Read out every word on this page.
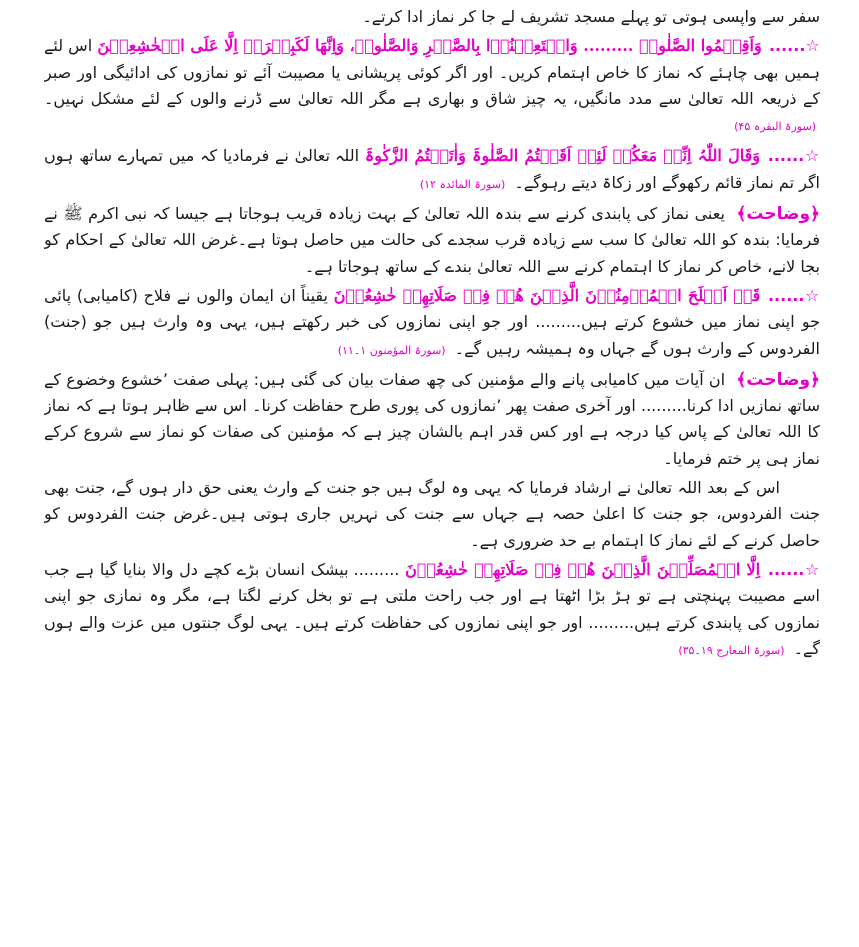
سفر سے واپسی ہوتی تو پہلے مسجد تشریف لے جا کر نماز ادا کرتے۔

☆...... وَاَقِیۡمُوا الصَّلٰوۃَ ......... وَاسۡتَعِیۡنُوۡا بِالصَّبۡرِ وَالصَّلٰوۃِ، وَاِنَّھَا لَکَبِیۡرَۃٌ اِلَّا عَلَی الۡخٰشِعِیۡنَ اس لئے ہمیں بھی چاہئے کہ نماز کا خاص اہتمام کریں۔ اور اگر کوئی پریشانی یا مصیبت آئے تو نمازوں کی ادائیگی اور صبر کے ذریعہ اللہ تعالیٰ سے مدد مانگیں، یہ چیز شاق و بھاری ہے مگر اللہ تعالیٰ سے ڈرنے والوں کے لئے مشکل نہیں۔ (سورۃ البقرہ ۴۵)

☆...... وَقَالَ اللّٰہُ اِنِّیۡ مَعَکُمۡ لَئِنۡ اَقَمۡتُمُ الصَّلٰوۃَ وَاٰتَیۡتُمُ الزَّکٰوۃَ اللہ تعالیٰ نے فرمادیا کہ میں تمہارے ساتھ ہوں اگر تم نماز قائم رکھوگے اور زکاۃ دیتے رہوگے۔ (سورۃ المائدہ ۱۲)

﴿وضاحت﴾ یعنی نماز کی پابندی کرنے سے بندہ اللہ تعالیٰ کے بہت زیادہ قریب ہوجاتا ہے جیسا کہ نبی اکرم ﷺ نے فرمایا: بندہ کو اللہ تعالیٰ کا سب سے زیادہ قرب سجدے کی حالت میں حاصل ہوتا ہے۔غرض اللہ تعالیٰ کے احکام کو بجا لانے، خاص کر نماز کا اہتمام کرنے سے اللہ تعالیٰ بندے کے ساتھ ہوجاتا ہے۔

☆...... قَدۡ اَفۡلَحَ الۡمُؤۡمِنُوۡنَ الَّذِیۡنَ ھُمۡ فِیۡ صَلَاتِھِمۡ خٰشِعُوۡنَ یقیناً ان ایمان والوں نے فلاح (کامیابی) پائی جو اپنی نماز میں خشوع کرتے ہیں......... اور جو اپنی نمازوں کی خبر رکھتے ہیں، یہی وہ وارث ہیں جو (جنت) الفردوس کے وارث ہوں گے جہاں وہ ہمیشہ رہیں گے۔ (سورۃ المؤمنون ۱۔۱۱)

﴿وضاحت﴾ ان آیات میں کامیابی پانے والے مؤمنین کی چھ صفات بیان کی گئی ہیں: پہلی صفت ’خشوع وخضوع کے ساتھ نمازیں ادا کرنا......... اور آخری صفت پھر ’نمازوں کی پوری طرح حفاظت کرنا۔ اس سے ظاہر ہوتا ہے کہ نماز کا اللہ تعالیٰ کے پاس کیا درجہ ہے اور کس قدر اہم بالشان چیز ہے کہ مؤمنین کی صفات کو نماز سے شروع کرکے نماز ہی پر ختم فرمایا۔

اس کے بعد اللہ تعالیٰ نے ارشاد فرمایا کہ یہی وہ لوگ ہیں جو جنت کے وارث یعنی حق دار ہوں گے، جنت بھی جنت الفردوس، جو جنت کا اعلیٰ حصہ ہے جہاں سے جنت کی نہریں جاری ہوتی ہیں۔غرض جنت الفردوس کو حاصل کرنے کے لئے نماز کا اہتمام بے حد ضروری ہے۔

☆...... اِلَّا الۡمُصَلِّیۡنَ الَّذِیۡنَ ھُمۡ فِیۡ صَلَاتِھِمۡ خٰشِعُوۡنَ ......... بیشک انسان بڑے کچے دل والا بنایا گیا ہے جب اسے مصیبت پہنچتی ہے تو ہڑ بڑا اٹھتا ہے اور جب راحت ملتی ہے تو بخل کرنے لگتا ہے، مگر وہ نمازی جو اپنی نمازوں کی پابندی کرتے ہیں......... اور جو اپنی نمازوں کی حفاظت کرتے ہیں۔ یہی لوگ جنتوں میں عزت والے ہوں گے۔ (سورۃ المعارج ۱۹۔۳۵)
